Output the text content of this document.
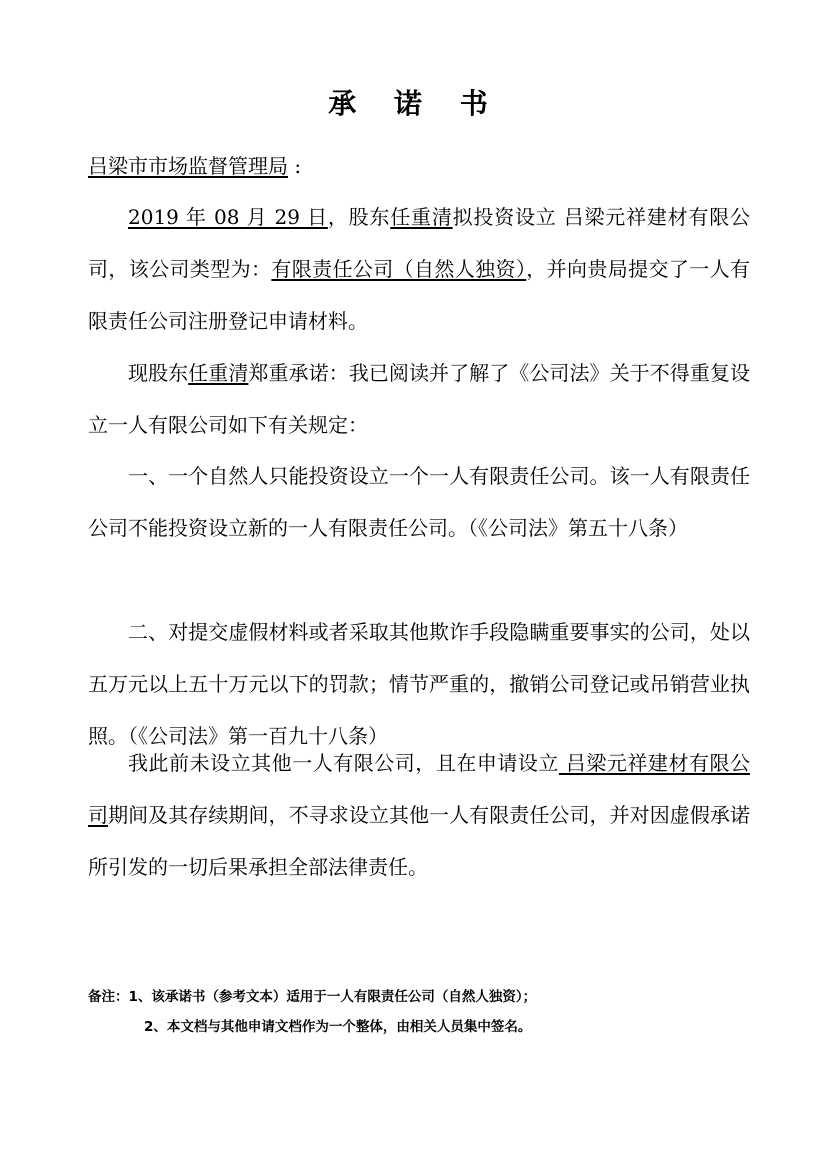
承 诺 书

吕梁市市场监督管理局 :

2019 年 08 月 29 日，股东任重清拟投资设立 吕梁元祥建材有限公司，该公司类型为：有限责任公司（自然人独资），并向贵局提交了一人有限责任公司注册登记申请材料。

现股东任重清郑重承诺：我已阅读并了解了《公司法》关于不得重复设立一人有限公司如下有关规定：

一、一个自然人只能投资设立一个一人有限责任公司。该一人有限责任公司不能投资设立新的一人有限责任公司。（《公司法》第五十八条）

二、对提交虚假材料或者采取其他欺诈手段隐瞒重要事实的公司，处以五万元以上五十万元以下的罚款；情节严重的，撤销公司登记或吊销营业执照。（《公司法》第一百九十八条）

我此前未设立其他一人有限公司，且在申请设立 吕梁元祥建材有限公司期间及其存续期间，不寻求设立其他一人有限责任公司，并对因虚假承诺所引发的一切后果承担全部法律责任。

备注：1、该承诺书（参考文本）适用于一人有限责任公司（自然人独资）；
2、本文档与其他申请文档作为一个整体，由相关人员集中签名。
